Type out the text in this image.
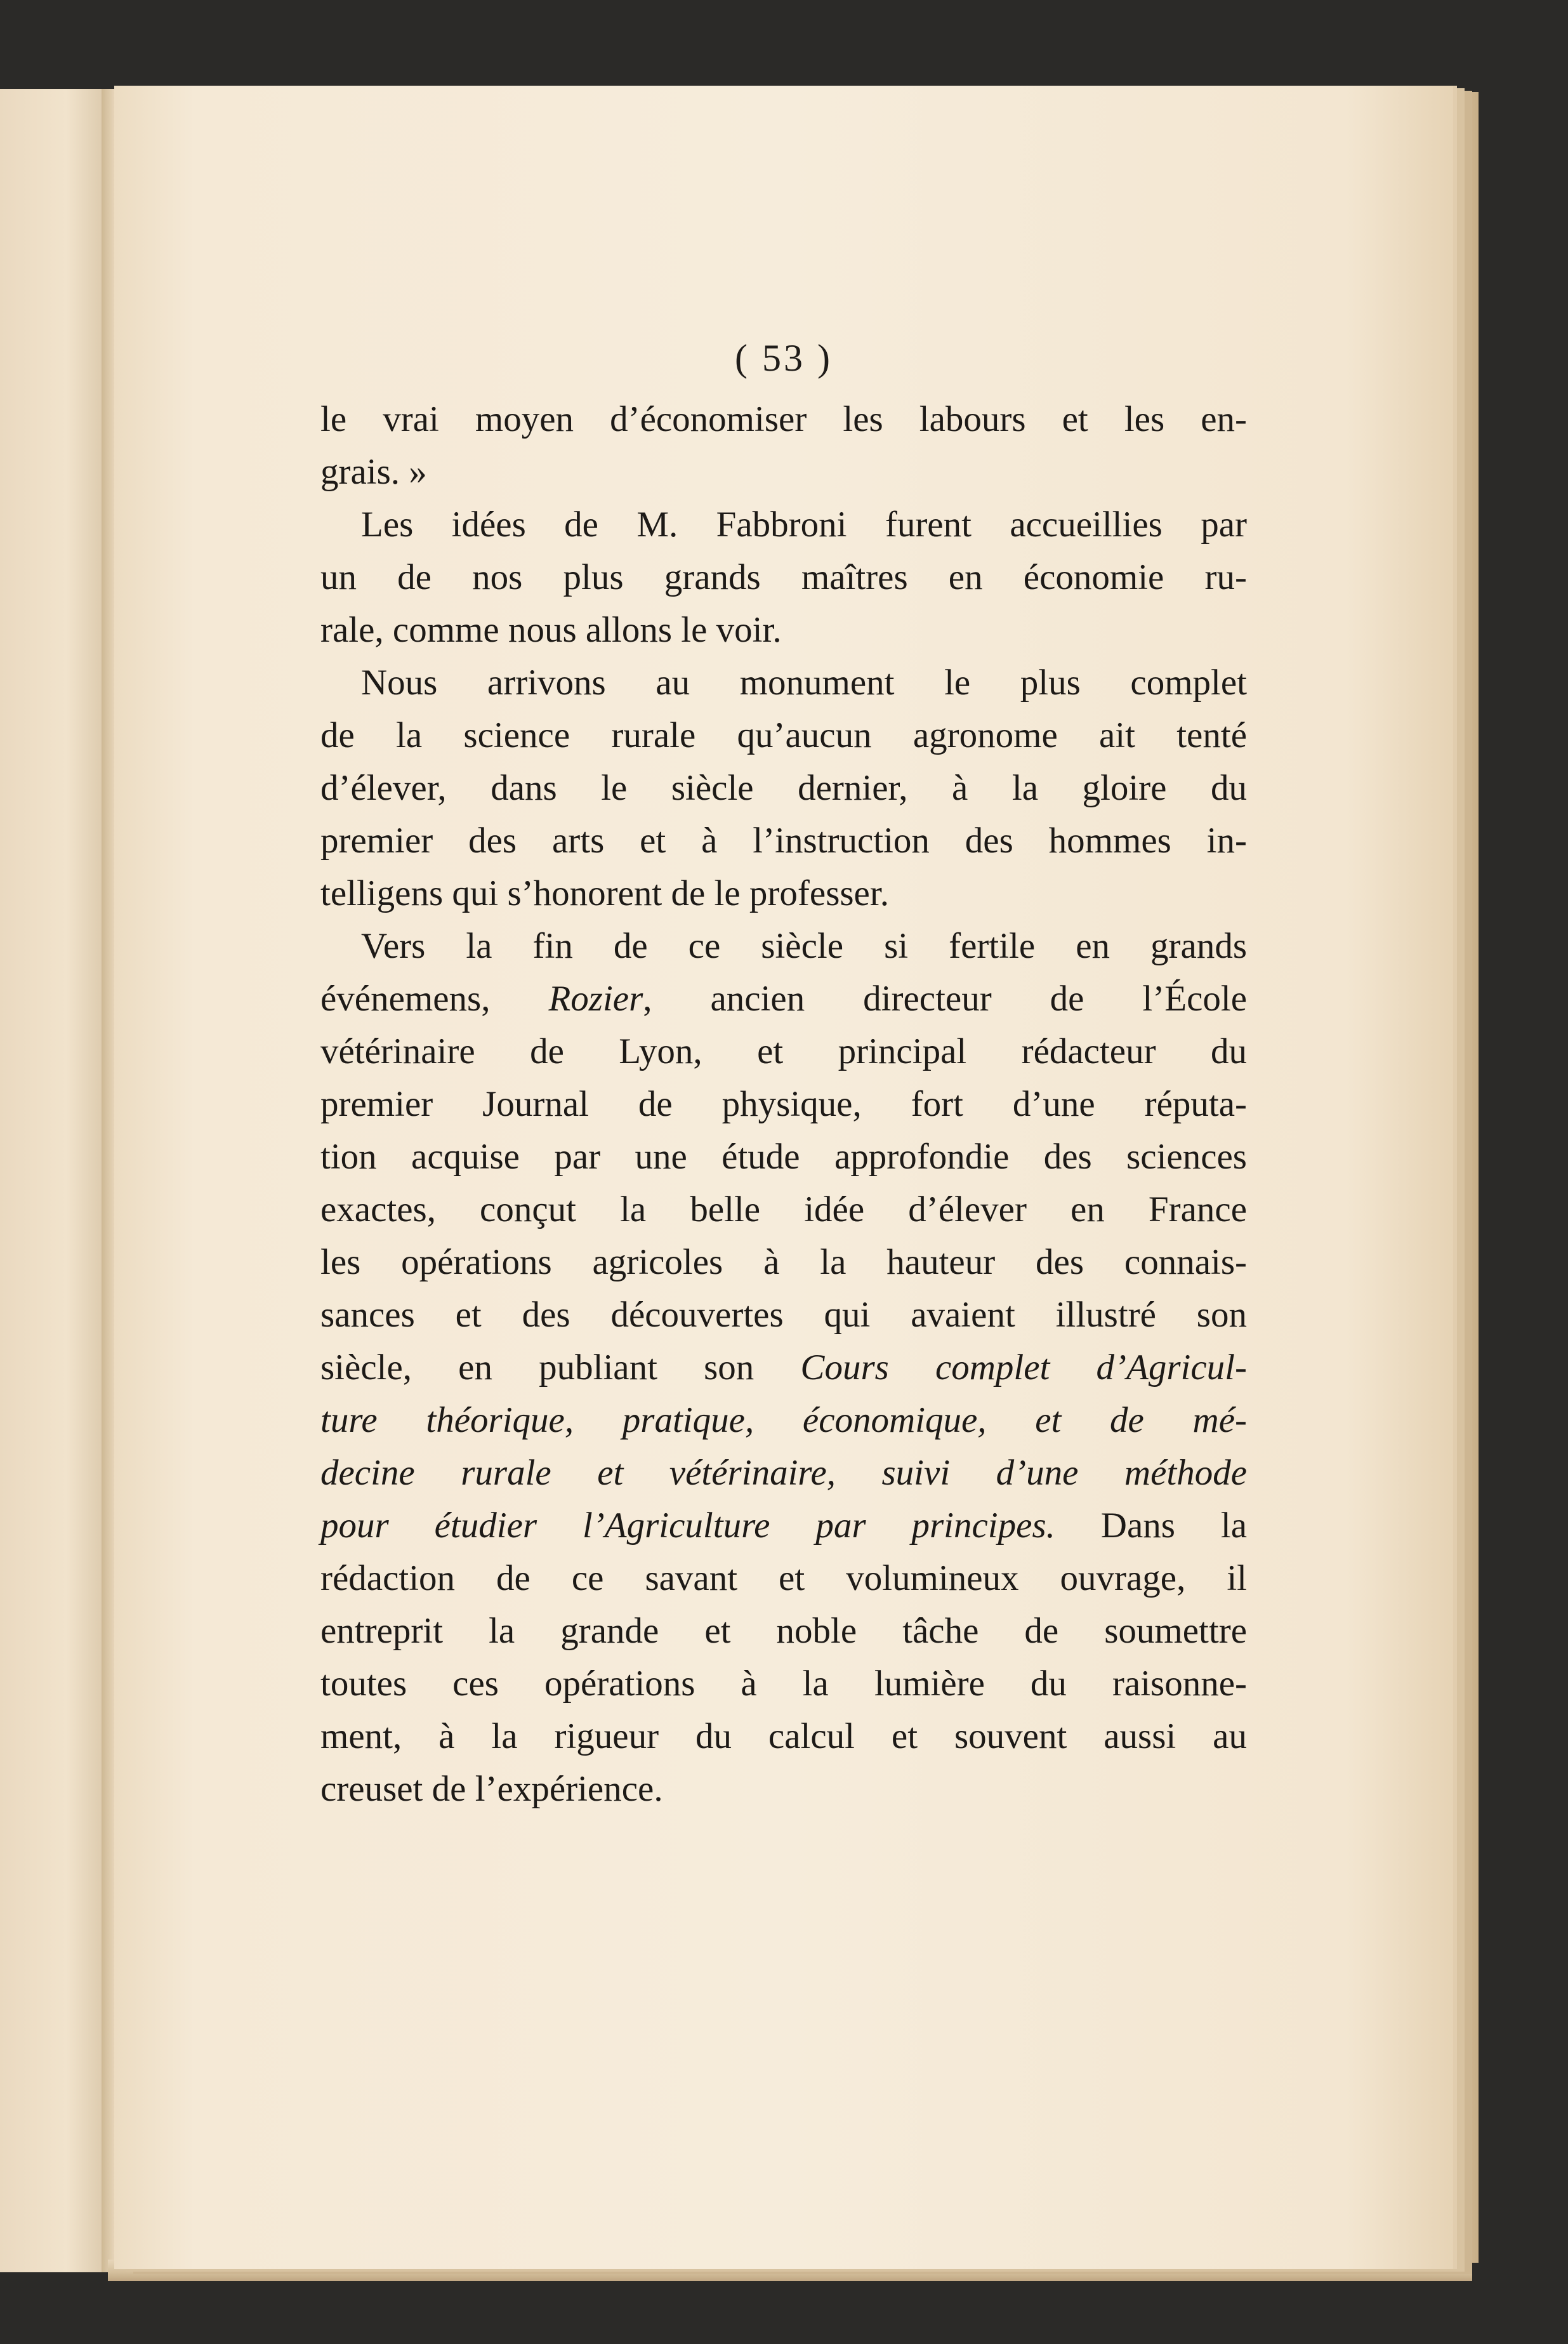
( 53 )

le vrai moyen d’économiser les labours et les en-
grais. »

Les idées de M. Fabbroni furent accueillies par
un de nos plus grands maîtres en économie ru-
rale, comme nous allons le voir.

Nous arrivons au monument le plus complet
de la science rurale qu’aucun agronome ait tenté
d’élever, dans le siècle dernier, à la gloire du
premier des arts et à l’instruction des hommes in-
telligens qui s’honorent de le professer.

Vers la fin de ce siècle si fertile en grands
événemens, Rozier, ancien directeur de l’École
vétérinaire de Lyon, et principal rédacteur du
premier Journal de physique, fort d’une réputa-
tion acquise par une étude approfondie des sciences
exactes, conçut la belle idée d’élever en France
les opérations agricoles à la hauteur des connais-
sances et des découvertes qui avaient illustré son
siècle, en publiant son Cours complet d’Agricul-
ture théorique, pratique, économique, et de mé-
decine rurale et vétérinaire, suivi d’une méthode
pour étudier l’Agriculture par principes. Dans la
rédaction de ce savant et volumineux ouvrage, il
entreprit la grande et noble tâche de soumettre
toutes ces opérations à la lumière du raisonne-
ment, à la rigueur du calcul et souvent aussi au
creuset de l’expérience.
